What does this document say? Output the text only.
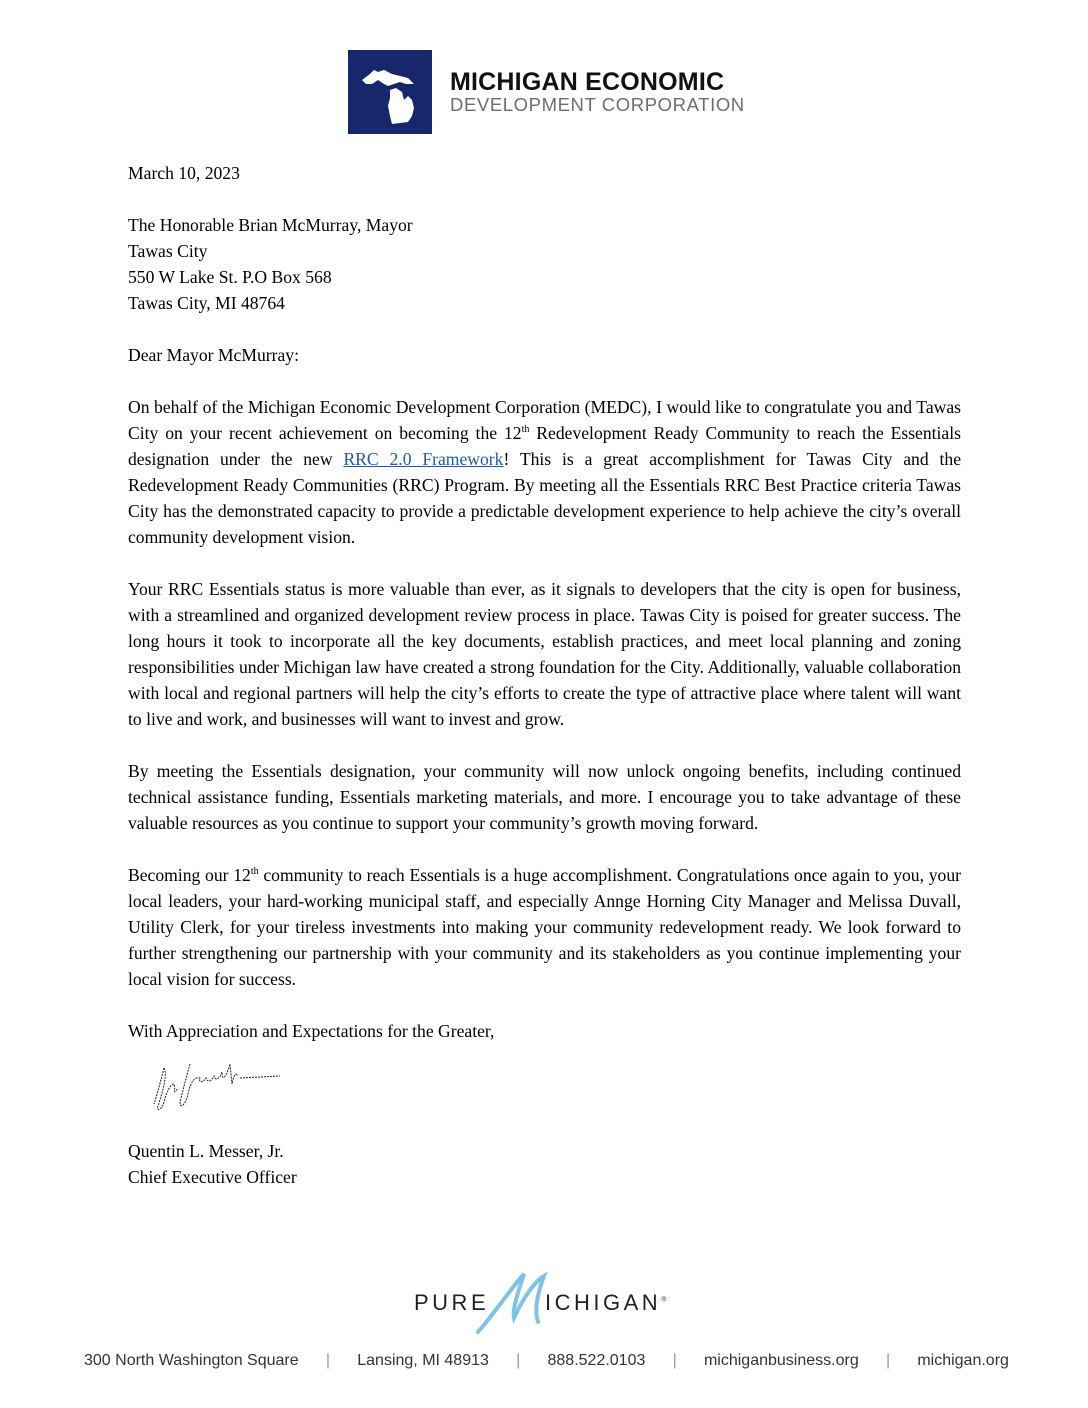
MICHIGAN ECONOMIC
DEVELOPMENT CORPORATION

March 10, 2023

The Honorable Brian McMurray, Mayor

Tawas City

550 W Lake St. P.O Box 568

Tawas City, MI 48764

Dear Mayor McMurray:

On behalf of the Michigan Economic Development Corporation (MEDC), I would like to congratulate you and Tawas City on your recent achievement on becoming the 12th Redevelopment Ready Community to reach the Essentials designation under the new RRC 2.0 Framework! This is a great accomplishment for Tawas City and the Redevelopment Ready Communities (RRC) Program. By meeting all the Essentials RRC Best Practice criteria Tawas City has the demonstrated capacity to provide a predictable development experience to help achieve the city’s overall community development vision.

Your RRC Essentials status is more valuable than ever, as it signals to developers that the city is open for business, with a streamlined and organized development review process in place. Tawas City is poised for greater success. The long hours it took to incorporate all the key documents, establish practices, and meet local planning and zoning responsibilities under Michigan law have created a strong foundation for the City. Additionally, valuable collaboration with local and regional partners will help the city’s efforts to create the type of attractive place where talent will want to live and work, and businesses will want to invest and grow.

By meeting the Essentials designation, your community will now unlock ongoing benefits, including continued technical assistance funding, Essentials marketing materials, and more. I encourage you to take advantage of these valuable resources as you continue to support your community’s growth moving forward.

Becoming our 12th community to reach Essentials is a huge accomplishment. Congratulations once again to you, your local leaders, your hard-working municipal staff, and especially Annge Horning City Manager and Melissa Duvall, Utility Clerk, for your tireless investments into making your community redevelopment ready. We look forward to further strengthening our partnership with your community and its stakeholders as you continue implementing your local vision for success.

With Appreciation and Expectations for the Greater,

Quentin L. Messer, Jr.

Chief Executive Officer

PURE	ICHIGAN®
300 North Washington Square | Lansing, MI 48913 | 888.522.0103 | michiganbusiness.org | michigan.org
